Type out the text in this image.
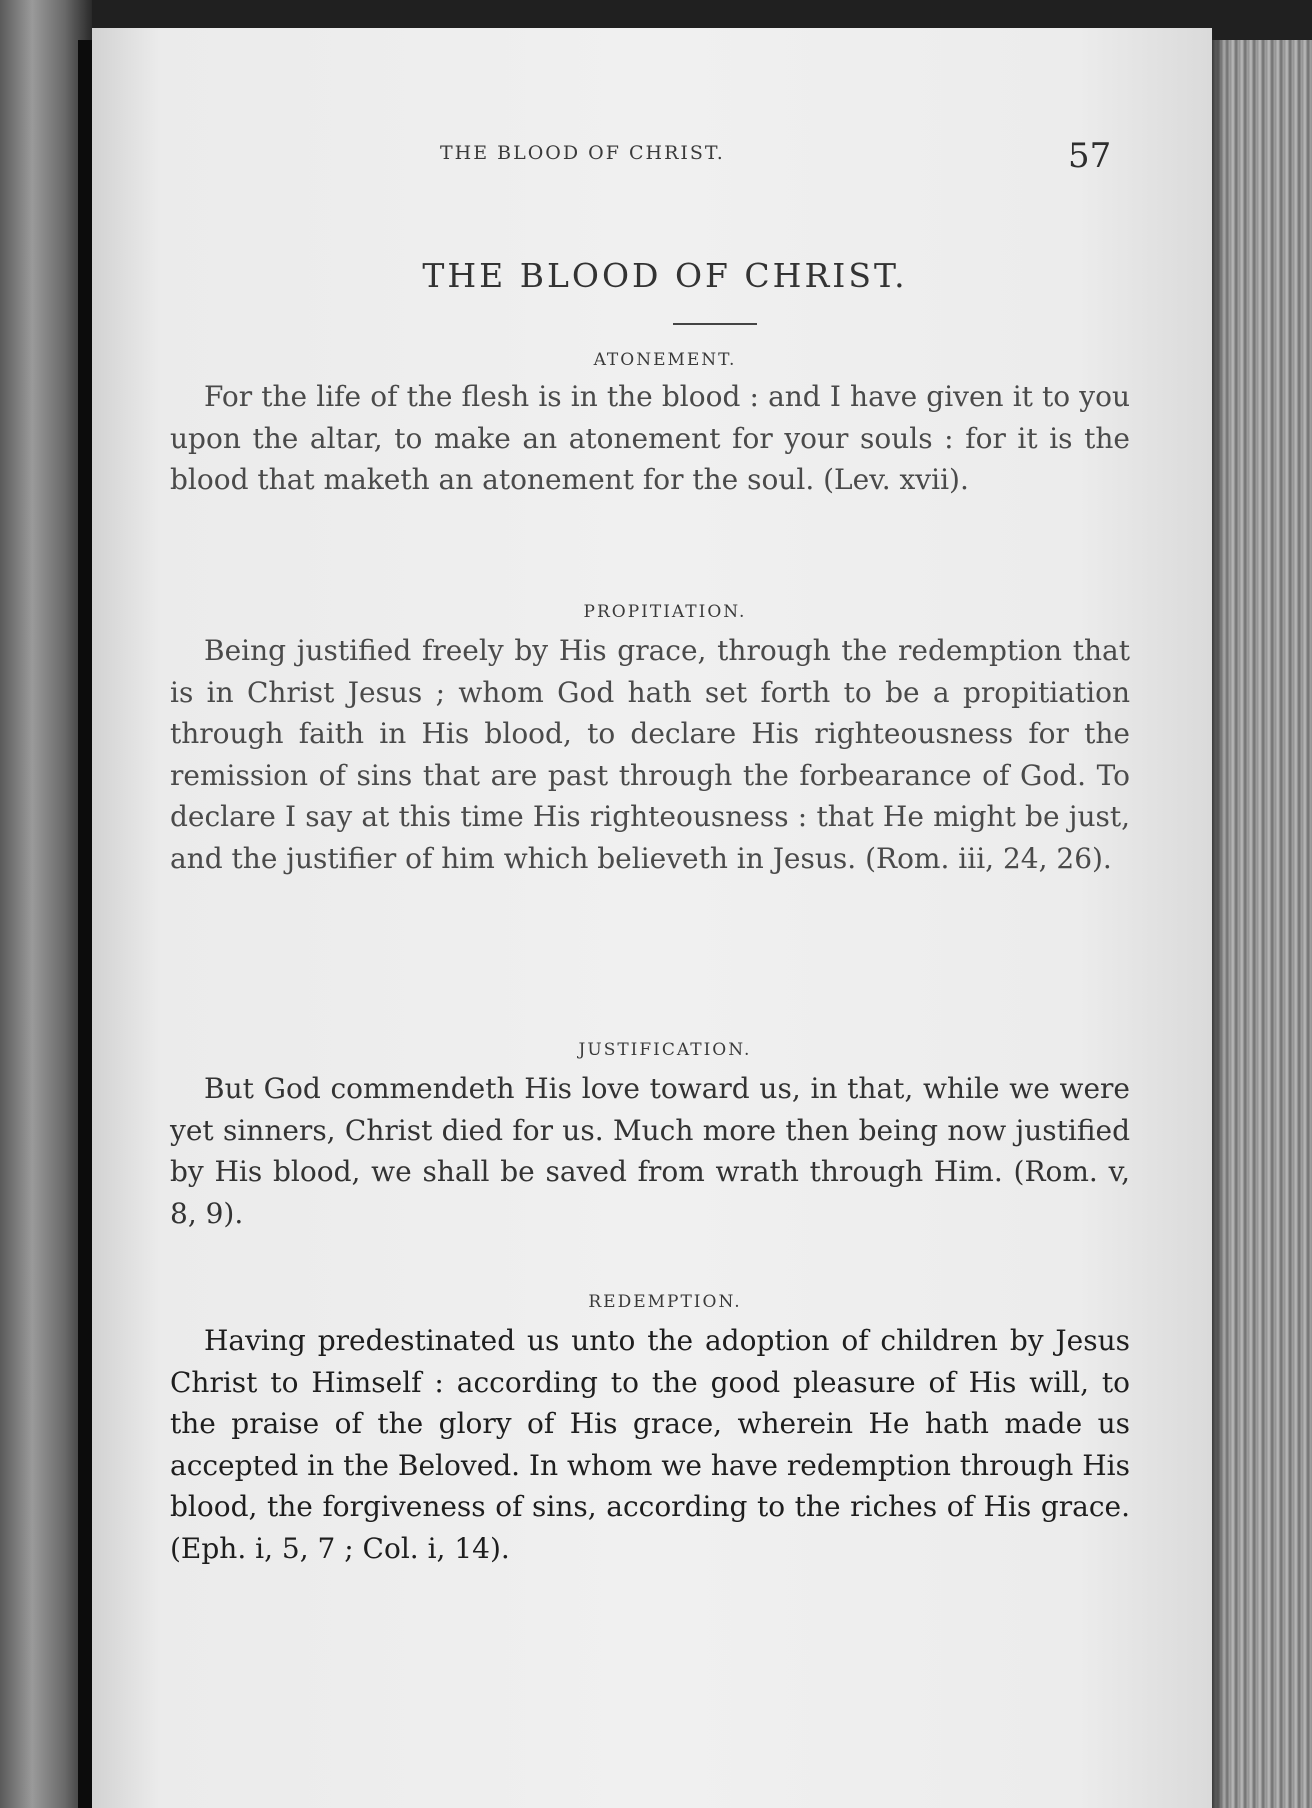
THE BLOOD OF CHRIST.	57
THE BLOOD OF CHRIST.
ATONEMENT.

For the life of the flesh is in the blood : and I have given it to you upon the altar, to make an atonement for your souls : for it is the blood that maketh an atonement for the soul. (Lev. xvii).

PROPITIATION.

Being justified freely by His grace, through the redemption that is in Christ Jesus ; whom God hath set forth to be a propitiation through faith in His blood, to declare His righteousness for the remission of sins that are past through the forbearance of God. To declare I say at this time His righteousness : that He might be just, and the justifier of him which believeth in Jesus. (Rom. iii, 24, 26).

JUSTIFICATION.

But God commendeth His love toward us, in that, while we were yet sinners, Christ died for us. Much more then being now justified by His blood, we shall be saved from wrath through Him. (Rom. v, 8, 9).

REDEMPTION.

Having predestinated us unto the adoption of children by Jesus Christ to Himself : according to the good pleasure of His will, to the praise of the glory of His grace, wherein He hath made us accepted in the Beloved. In whom we have redemption through His blood, the forgiveness of sins, according to the riches of His grace. (Eph. i, 5, 7 ; Col. i, 14).
